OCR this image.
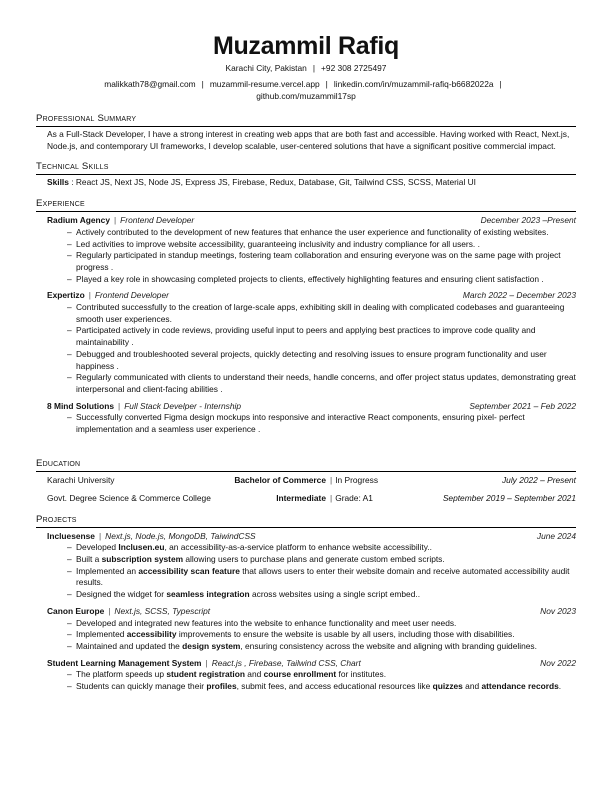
Muzammil Rafiq
Karachi City, Pakistan | +92 308 2725497
malikkath78@gmail.com | muzammil-resume.vercel.app | linkedin.com/in/muzammil-rafiq-b6682022a |
github.com/muzammil17sp
Professional Summary
As a Full-Stack Developer, I have a strong interest in creating web apps that are both fast and accessible. Having worked with React, Next.js, Node.js, and contemporary UI frameworks, I develop scalable, user-centered solutions that have a significant positive commercial impact.
Technical Skills
Skills : React JS, Next JS, Node JS, Express JS, Firebase, Redux, Database, Git, Tailwind CSS, SCSS, Material UI
Experience
Radium Agency | Frontend Developer	December 2023 –Present
– Actively contributed to the development of new features that enhance the user experience and functionality of existing websites.
– Led activities to improve website accessibility, guaranteeing inclusivity and industry compliance for all users. .
– Regularly participated in standup meetings, fostering team collaboration and ensuring everyone was on the same page with project progress .
– Played a key role in showcasing completed projects to clients, effectively highlighting features and ensuring client satisfaction .
Expertizo | Frontend Developer	March 2022 – December 2023
– Contributed successfully to the creation of large-scale apps, exhibiting skill in dealing with complicated codebases and guaranteeing smooth user experiences.
– Participated actively in code reviews, providing useful input to peers and applying best practices to improve code quality and maintainability .
– Debugged and troubleshooted several projects, quickly detecting and resolving issues to ensure program functionality and user happiness .
– Regularly communicated with clients to understand their needs, handle concerns, and offer project status updates, demonstrating great interpersonal and client-facing abilities .
8 Mind Solutions | Full Stack Develper - Internship	September 2021 – Feb 2022
– Successfully converted Figma design mockups into responsive and interactive React components, ensuring pixel- perfect implementation and a seamless user experience .
Education
Karachi University	Bachelor of Commerce | In Progress	July 2022 – Present
Govt. Degree Science & Commerce College	Intermediate | Grade: A1	September 2019 – September 2021
Projects
Incluesense | Next.js, Node.js, MongoDB, TaiwindCSS	June 2024
– Developed Inclusen.eu, an accessibility-as-a-service platform to enhance website accessibility..
– Built a subscription system allowing users to purchase plans and generate custom embed scripts.
– Implemented an accessibility scan feature that allows users to enter their website domain and receive automated accessibility audit results.
– Designed the widget for seamless integration across websites using a single script embed..
Canon Europe | Next.js, SCSS, Typescript	Nov 2023
– Developed and integrated new features into the website to enhance functionality and meet user needs.
– Implemented accessibility improvements to ensure the website is usable by all users, including those with disabilities.
– Maintained and updated the design system, ensuring consistency across the website and aligning with branding guidelines.
Student Learning Management System | React.js , Firebase, Tailwind CSS, Chart	Nov 2022
– The platform speeds up student registration and course enrollment for institutes.
– Students can quickly manage their profiles, submit fees, and access educational resources like quizzes and attendance records.
